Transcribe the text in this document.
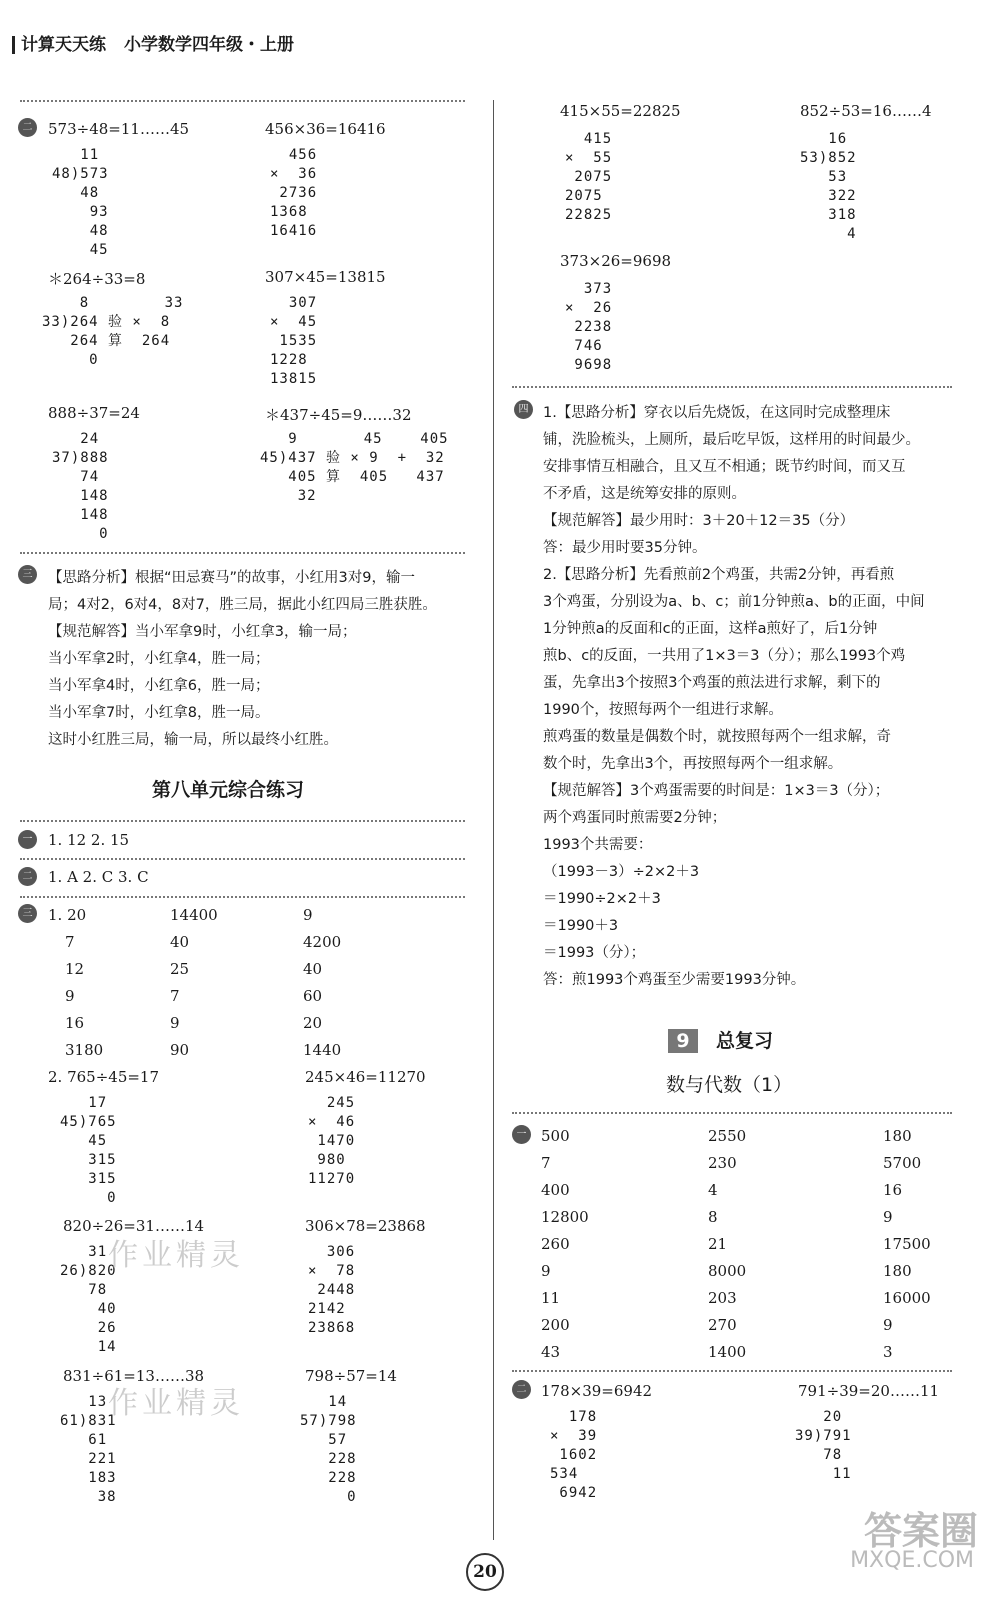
计算天天练 小学数学四年级・上册
二	573÷48=11……45
11
48)573
48
93
48
45
456×36=16416
456
×  36
2736
1368
16416
＊264÷33=8
8        33
33)264 验 ×  8
264 算  264
0
307×45=13815
307
×  45
1535
1228
13815
888÷37=24
24
37)888
74
148
148
0
＊437÷45=9……32
9       45    405
45)437 验 × 9  +  32
405 算  405   437
32
三	【思路分析】根据“田忌赛马”的故事，小红用3对9，输一
局；4对2，6对4，8对7，胜三局，据此小红四局三胜获胜。
【规范解答】当小军拿9时，小红拿3，输一局；
当小军拿2时，小红拿4，胜一局；
当小军拿4时，小红拿6，胜一局；
当小军拿7时，小红拿8，胜一局。
这时小红胜三局，输一局，所以最终小红胜。
第八单元综合练习
一	1. 12 2. 15
二	1. A 2. C 3. C
三	1. 20	14400	9
7	40	4200
12	25	40
9	7	60
16	9	20
3180	90	1440
2. 765÷45=17
17
45)765
45
315
315
0
245×46=11270
245
×  46
1470
980
11270
820÷26=31……14
31
26)820
78
40
26
14
306×78=23868
306
×  78
2448
2142
23868
831÷61=13……38
13
61)831
61
221
183
38
798÷57=14
14
57)798
57
228
228
0
作业精灵
作业精灵
415×55=22825
415
×  55
2075
2075
22825
852÷53=16……4
16
53)852
53
322
318
4
373×26=9698
373
×  26
2238
746
9698
四	1.【思路分析】穿衣以后先烧饭，在这同时完成整理床
铺，洗脸梳头，上厕所，最后吃早饭，这样用的时间最少。
安排事情互相融合，且又互不相通；既节约时间，而又互
不矛盾，这是统筹安排的原则。
【规范解答】最少用时：3＋20＋12＝35（分）
答：最少用时要35分钟。
2.【思路分析】先看煎前2个鸡蛋，共需2分钟，再看煎
3个鸡蛋，分别设为a、b、c；前1分钟煎a、b的正面，中间
1分钟煎a的反面和c的正面，这样a煎好了，后1分钟
煎b、c的反面，一共用了1×3＝3（分）；那么1993个鸡
蛋，先拿出3个按照3个鸡蛋的煎法进行求解，剩下的
1990个，按照每两个一组进行求解。
煎鸡蛋的数量是偶数个时，就按照每两个一组求解，奇
数个时，先拿出3个，再按照每两个一组求解。
【规范解答】3个鸡蛋需要的时间是：1×3＝3（分）；
两个鸡蛋同时煎需要2分钟；
1993个共需要：
（1993－3）÷2×2＋3
＝1990÷2×2＋3
＝1990＋3
＝1993（分）；
答：煎1993个鸡蛋至少需要1993分钟。
9 总复习
数与代数（1）
一 500	2550	180
7	230	5700
400	4	16
12800	8	9
260	21	17500
9	8000	180
11	203	16000
200	270	9
43	1400	3
二 178×39=6942
178
×  39
1602
534
6942
791÷39=20……11
20
39)791
78
11
答案圈
MXQE.COM
20
